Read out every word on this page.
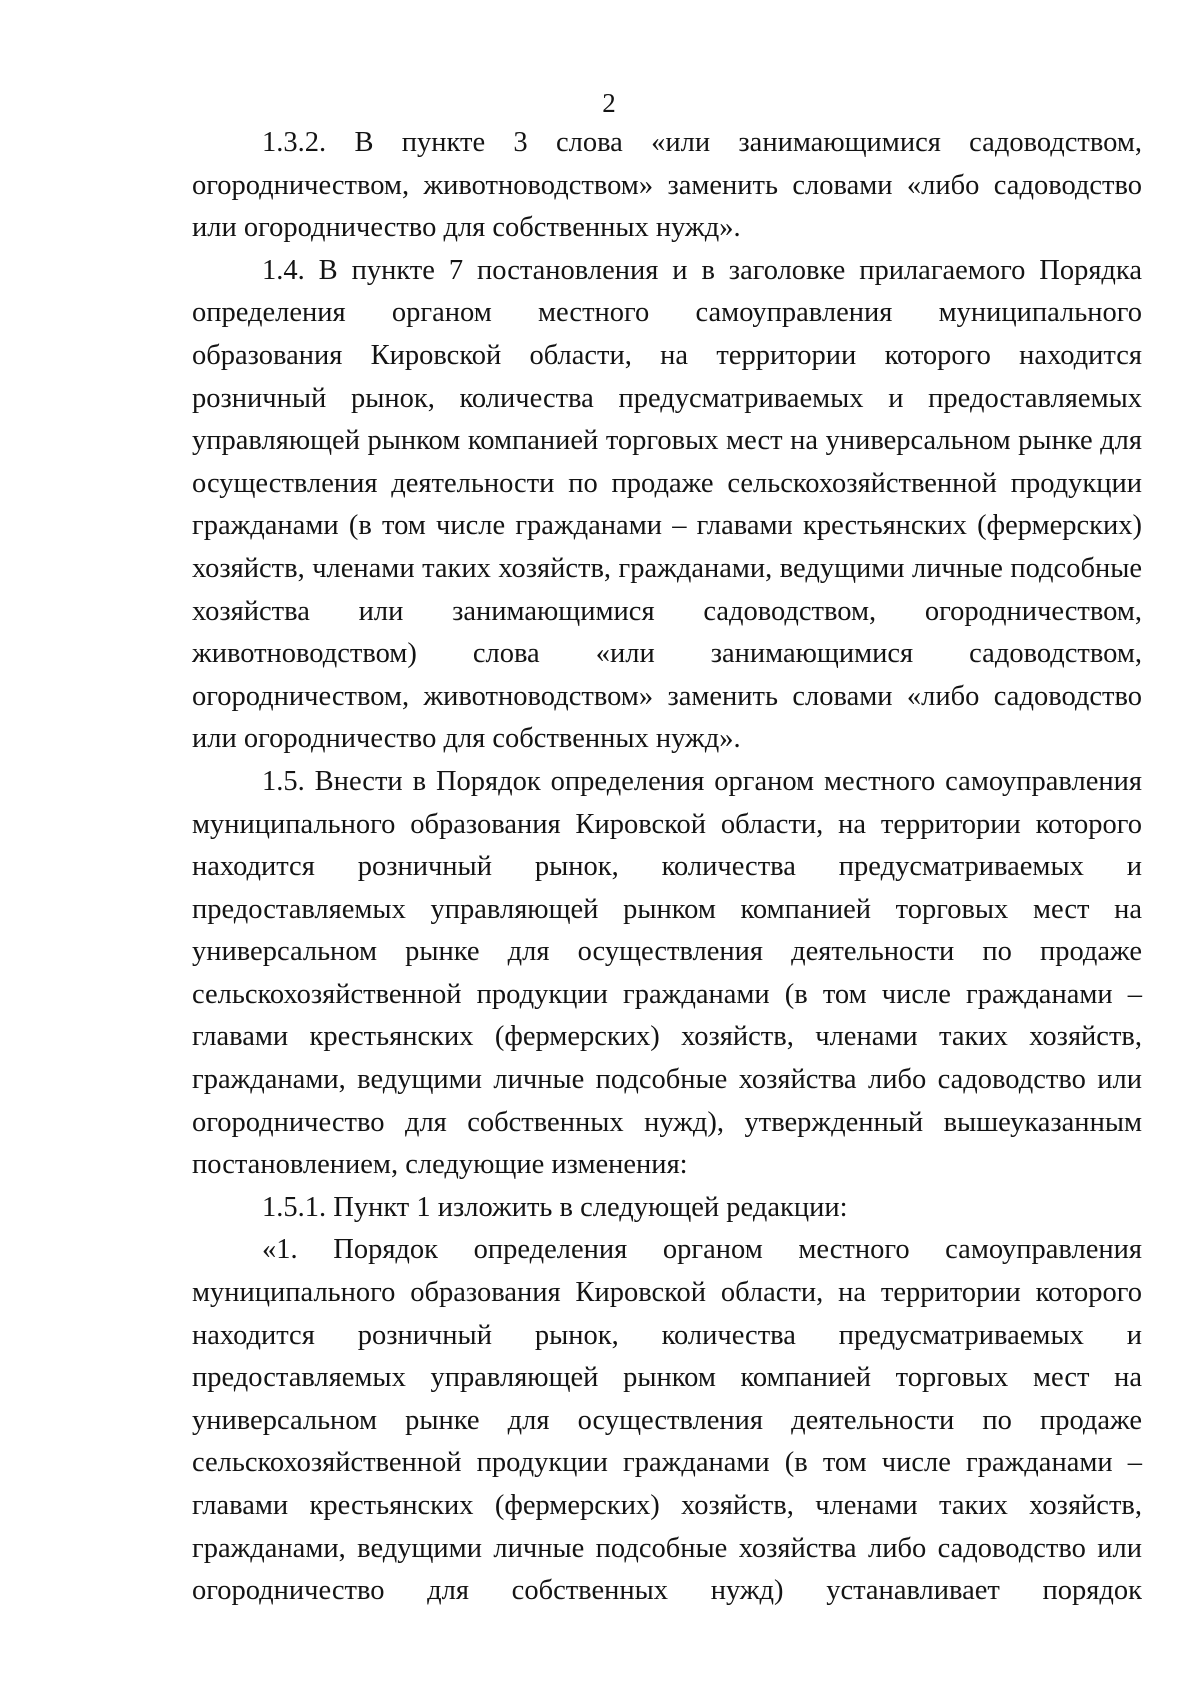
2

1.3.2. В пункте 3 слова «или занимающимися садоводством, огородничеством, животноводством» заменить словами «либо садоводство или огородничество для собственных нужд».

1.4. В пункте 7 постановления и в заголовке прилагаемого Порядка определения органом местного самоуправления муниципального образования Кировской области, на территории которого находится розничный рынок, количества предусматриваемых и предоставляемых управляющей рынком компанией торговых мест на универсальном рынке для осуществления деятельности по продаже сельскохозяйственной продукции гражданами (в том числе гражданами – главами крестьянских (фермерских) хозяйств, членами таких хозяйств, гражданами, ведущими личные подсобные хозяйства или занимающимися садоводством, огородничеством, животноводством) слова «или занимающимися садоводством, огородничеством, животноводством» заменить словами «либо садоводство или огородничество для собственных нужд».

1.5. Внести в Порядок определения органом местного самоуправления муниципального образования Кировской области, на территории которого находится розничный рынок, количества предусматриваемых и предоставляемых управляющей рынком компанией торговых мест на универсальном рынке для осуществления деятельности по продаже сельскохозяйственной продукции гражданами (в том числе гражданами – главами крестьянских (фермерских) хозяйств, членами таких хозяйств, гражданами, ведущими личные подсобные хозяйства либо садоводство или огородничество для собственных нужд), утвержденный вышеуказанным постановлением, следующие изменения:

1.5.1. Пункт 1 изложить в следующей редакции:

«1. Порядок определения органом местного самоуправления муниципального образования Кировской области, на территории которого находится розничный рынок, количества предусматриваемых и предоставляемых управляющей рынком компанией торговых мест на универсальном рынке для осуществления деятельности по продаже сельскохозяйственной продукции гражданами (в том числе гражданами – главами крестьянских (фермерских) хозяйств, членами таких хозяйств, гражданами, ведущими личные подсобные хозяйства либо садоводство или огородничество для собственных нужд) устанавливает порядок
